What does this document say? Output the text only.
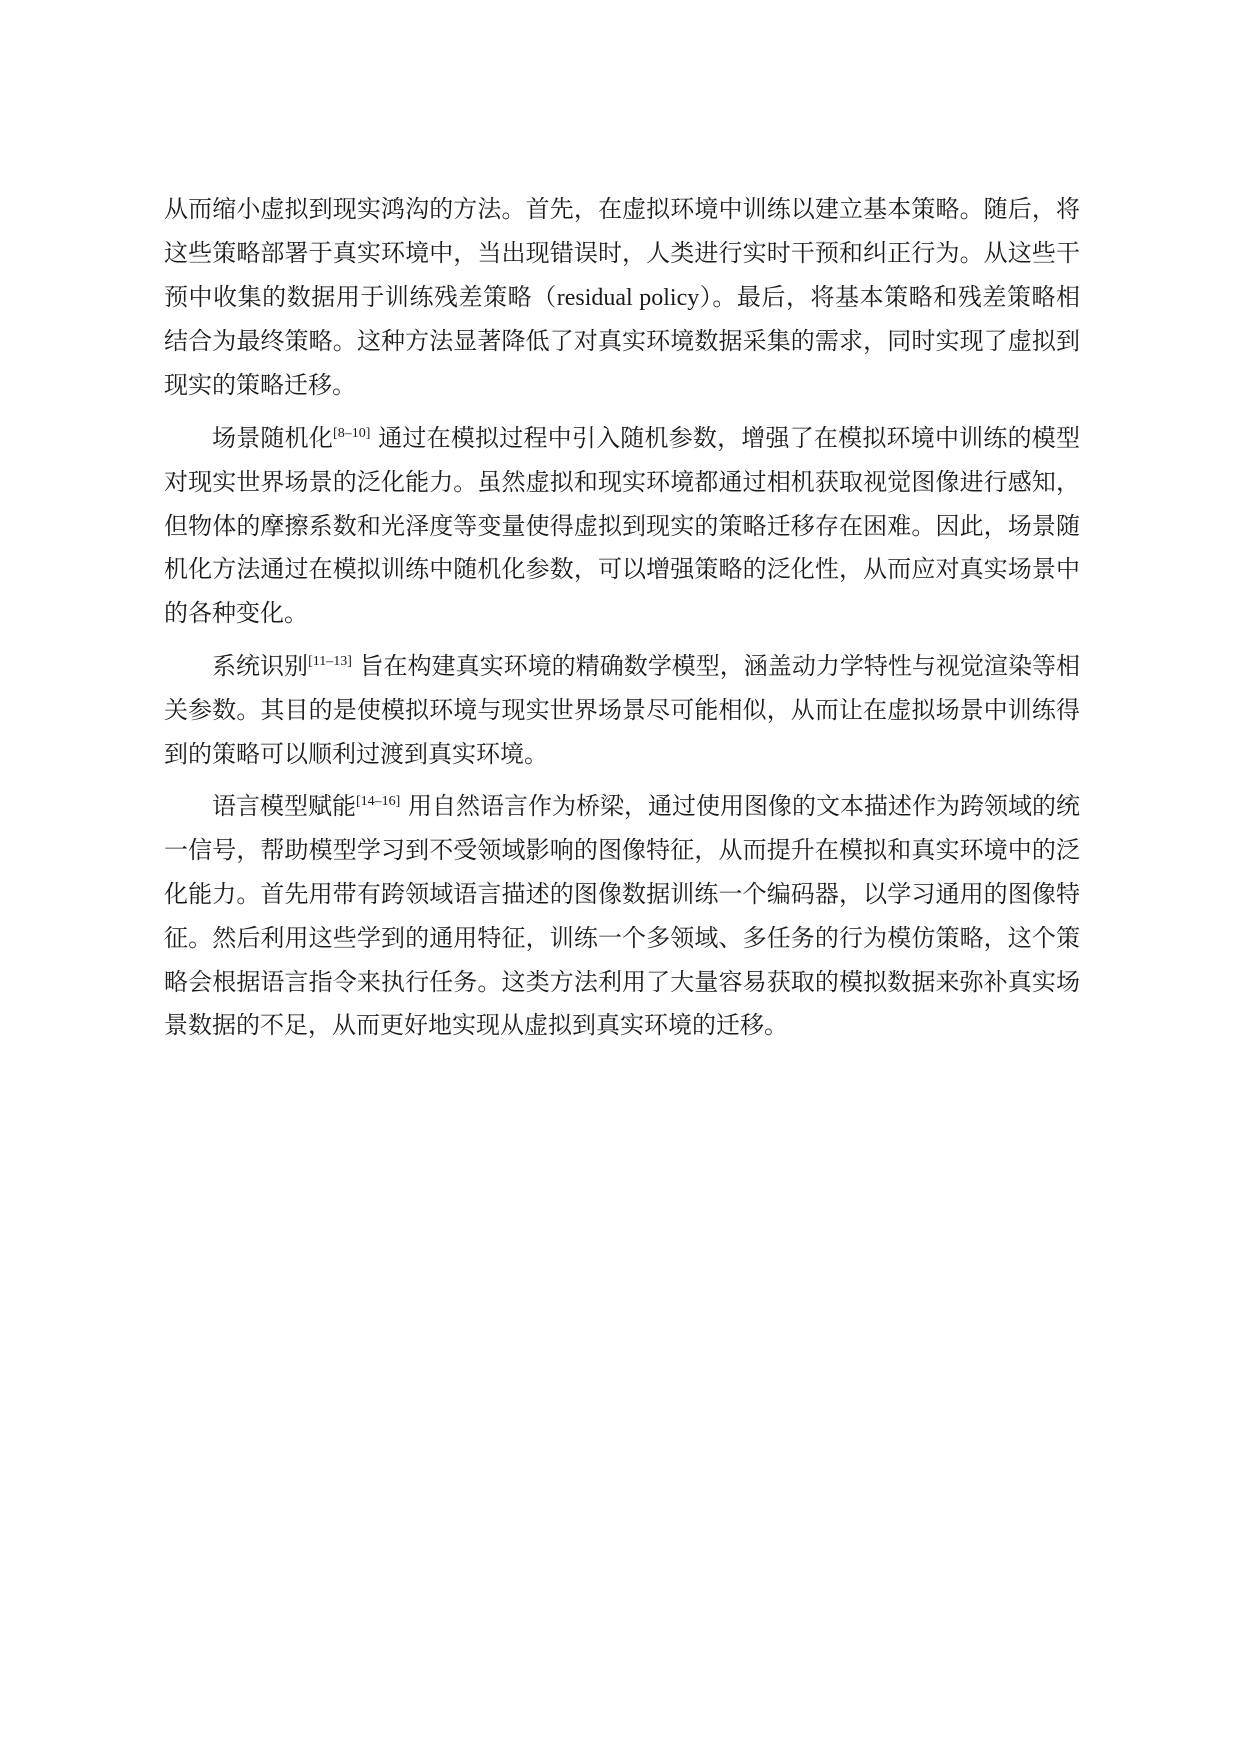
从而缩小虚拟到现实鸿沟的方法。首先，在虚拟环境中训练以建立基本策略。随后，将这些策略部署于真实环境中，当出现错误时，人类进行实时干预和纠正行为。从这些干预中收集的数据用于训练残差策略（residual policy）。最后，将基本策略和残差策略相结合为最终策略。这种方法显著降低了对真实环境数据采集的需求，同时实现了虚拟到现实的策略迁移。

场景随机化[8–10] 通过在模拟过程中引入随机参数，增强了在模拟环境中训练的模型对现实世界场景的泛化能力。虽然虚拟和现实环境都通过相机获取视觉图像进行感知，但物体的摩擦系数和光泽度等变量使得虚拟到现实的策略迁移存在困难。因此，场景随机化方法通过在模拟训练中随机化参数，可以增强策略的泛化性，从而应对真实场景中的各种变化。

系统识别[11–13] 旨在构建真实环境的精确数学模型，涵盖动力学特性与视觉渲染等相关参数。其目的是使模拟环境与现实世界场景尽可能相似，从而让在虚拟场景中训练得到的策略可以顺利过渡到真实环境。

语言模型赋能[14–16] 用自然语言作为桥梁，通过使用图像的文本描述作为跨领域的统一信号，帮助模型学习到不受领域影响的图像特征，从而提升在模拟和真实环境中的泛化能力。首先用带有跨领域语言描述的图像数据训练一个编码器，以学习通用的图像特征。然后利用这些学到的通用特征，训练一个多领域、多任务的行为模仿策略，这个策略会根据语言指令来执行任务。这类方法利用了大量容易获取的模拟数据来弥补真实场景数据的不足，从而更好地实现从虚拟到真实环境的迁移。
